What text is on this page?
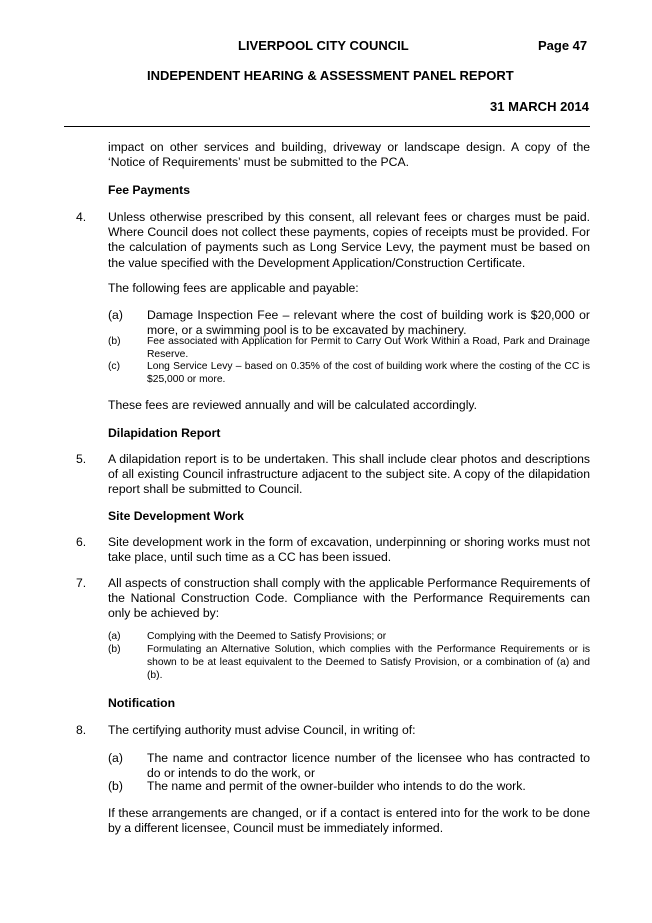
LIVERPOOL CITY COUNCIL	Page 47
INDEPENDENT HEARING & ASSESSMENT PANEL REPORT
31 MARCH 2014
impact on other services and building, driveway or landscape design. A copy of the ‘Notice of Requirements’ must be submitted to the PCA.
Fee Payments
4. Unless otherwise prescribed by this consent, all relevant fees or charges must be paid. Where Council does not collect these payments, copies of receipts must be provided. For the calculation of payments such as Long Service Levy, the payment must be based on the value specified with the Development Application/Construction Certificate.
The following fees are applicable and payable:
(a) Damage Inspection Fee – relevant where the cost of building work is $20,000 or more, or a swimming pool is to be excavated by machinery.
(b)	Fee associated with Application for Permit to Carry Out Work Within a Road, Park and Drainage Reserve.
(c)	Long Service Levy – based on 0.35% of the cost of building work where the costing of the CC is $25,000 or more.
These fees are reviewed annually and will be calculated accordingly.
Dilapidation Report
5. A dilapidation report is to be undertaken. This shall include clear photos and descriptions of all existing Council infrastructure adjacent to the subject site. A copy of the dilapidation report shall be submitted to Council.
Site Development Work
6. Site development work in the form of excavation, underpinning or shoring works must not take place, until such time as a CC has been issued.
7. All aspects of construction shall comply with the applicable Performance Requirements of the National Construction Code. Compliance with the Performance Requirements can only be achieved by:
(a)	Complying with the Deemed to Satisfy Provisions; or
(b)	Formulating an Alternative Solution, which complies with the Performance Requirements or is shown to be at least equivalent to the Deemed to Satisfy Provision, or a combination of (a) and (b).
Notification
8. The certifying authority must advise Council, in writing of:
(a) The name and contractor licence number of the licensee who has contracted to do or intends to do the work, or
(b) The name and permit of the owner-builder who intends to do the work.
If these arrangements are changed, or if a contact is entered into for the work to be done by a different licensee, Council must be immediately informed.
